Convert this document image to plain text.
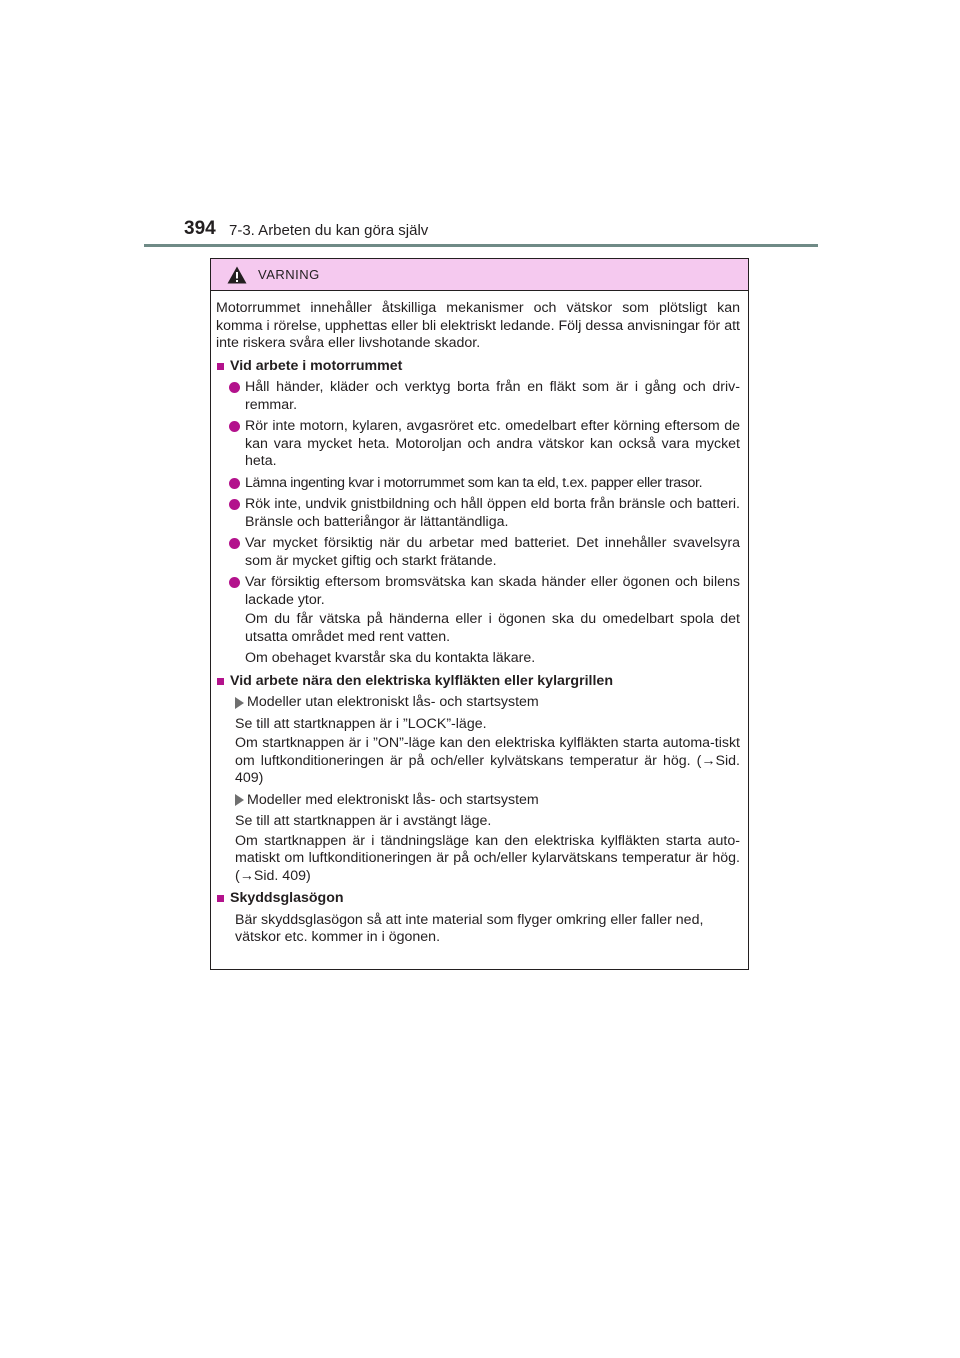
394 7-3. Arbeten du kan göra själv
VARNING

Motorrummet innehåller åtskilliga mekanismer och vätskor som plötsligt kan komma i rörelse, upphettas eller bli elektriskt ledande. Följ dessa anvisningar för att inte riskera svåra eller livshotande skador.

Vid arbete i motorrummet

Håll händer, kläder och verktyg borta från en fläkt som är i gång och driv-remmar.

Rör inte motorn, kylaren, avgasröret etc. omedelbart efter körning eftersom de kan vara mycket heta. Motoroljan och andra vätskor kan också vara mycket heta.

Lämna ingenting kvar i motorrummet som kan ta eld, t.ex. papper eller trasor.

Rök inte, undvik gnistbildning och håll öppen eld borta från bränsle och batteri. Bränsle och batteriångor är lättantändliga.

Var mycket försiktig när du arbetar med batteriet. Det innehåller svavelsyra som är mycket giftig och starkt frätande.

Var försiktig eftersom bromsvätska kan skada händer eller ögonen och bilens lackade ytor.

Om du får vätska på händerna eller i ögonen ska du omedelbart spola det utsatta området med rent vatten.

Om obehaget kvarstår ska du kontakta läkare.

Vid arbete nära den elektriska kylfläkten eller kylargrillen
Modeller utan elektroniskt lås- och startsystem

Se till att startknappen är i ”LOCK”-läge.

Om startknappen är i ”ON”-läge kan den elektriska kylfläkten starta automa-tiskt om luftkonditioneringen är på och/eller kylvätskans temperatur är hög. (→Sid. 409)

Modeller med elektroniskt lås- och startsystem

Se till att startknappen är i avstängt läge.

Om startknappen är i tändningsläge kan den elektriska kylfläkten starta auto-matiskt om luftkonditioneringen är på och/eller kylarvätskans temperatur är hög. (→Sid. 409)

Skyddsglasögon

Bär skyddsglasögon så att inte material som flyger omkring eller faller ned, vätskor etc. kommer in i ögonen.
